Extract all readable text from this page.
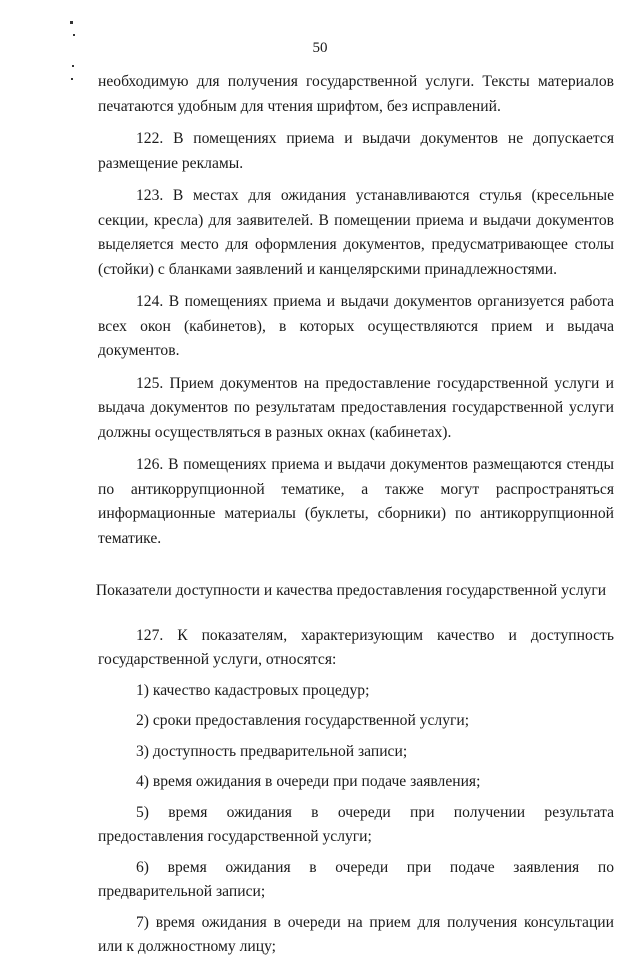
50

необходимую для получения государственной услуги. Тексты материалов печатаются удобным для чтения шрифтом, без исправлений.

122. В помещениях приема и выдачи документов не допускается размещение рекламы.

123. В местах для ожидания устанавливаются стулья (кресельные секции, кресла) для заявителей. В помещении приема и выдачи документов выделяется место для оформления документов, предусматривающее столы (стойки) с бланками заявлений и канцелярскими принадлежностями.

124. В помещениях приема и выдачи документов организуется работа всех окон (кабинетов), в которых осуществляются прием и выдача документов.

125. Прием документов на предоставление государственной услуги и выдача документов по результатам предоставления государственной услуги должны осуществляться в разных окнах (кабинетах).

126. В помещениях приема и выдачи документов размещаются стенды по антикоррупционной тематике, а также могут распространяться информационные материалы (буклеты, сборники) по антикоррупционной тематике.

Показатели доступности и качества предоставления государственной услуги

127. К показателям, характеризующим качество и доступность государственной услуги, относятся:

1) качество кадастровых процедур;

2) сроки предоставления государственной услуги;

3) доступность предварительной записи;

4) время ожидания в очереди при подаче заявления;

5) время ожидания в очереди при получении результата предоставления государственной услуги;

6) время ожидания в очереди при подаче заявления по предварительной записи;

7) время ожидания в очереди на прием для получения консультации или к должностному лицу;
